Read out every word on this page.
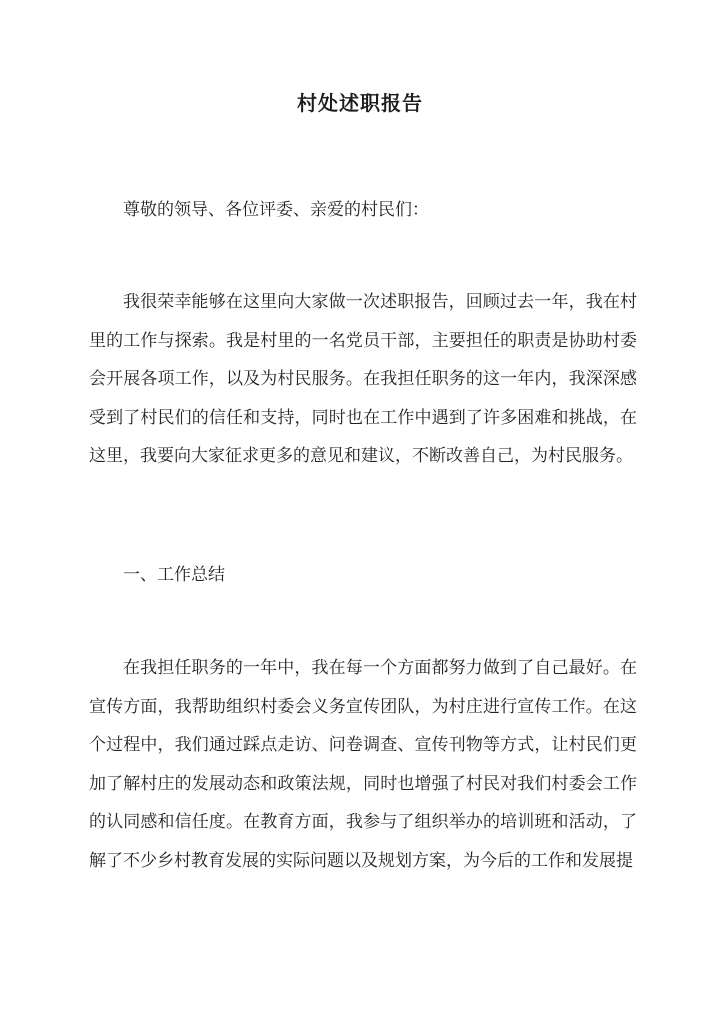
村处述职报告

尊敬的领导、各位评委、亲爱的村民们：

我很荣幸能够在这里向大家做一次述职报告，回顾过去一年，我在村里的工作与探索。我是村里的一名党员干部，主要担任的职责是协助村委会开展各项工作，以及为村民服务。在我担任职务的这一年内，我深深感受到了村民们的信任和支持，同时也在工作中遇到了许多困难和挑战，在这里，我要向大家征求更多的意见和建议，不断改善自己，为村民服务。

一、工作总结

在我担任职务的一年中，我在每一个方面都努力做到了自己最好。在宣传方面，我帮助组织村委会义务宣传团队，为村庄进行宣传工作。在这个过程中，我们通过踩点走访、问卷调查、宣传刊物等方式，让村民们更加了解村庄的发展动态和政策法规，同时也增强了村民对我们村委会工作的认同感和信任度。在教育方面，我参与了组织举办的培训班和活动，了解了不少乡村教育发展的实际问题以及规划方案，为今后的工作和发展提
